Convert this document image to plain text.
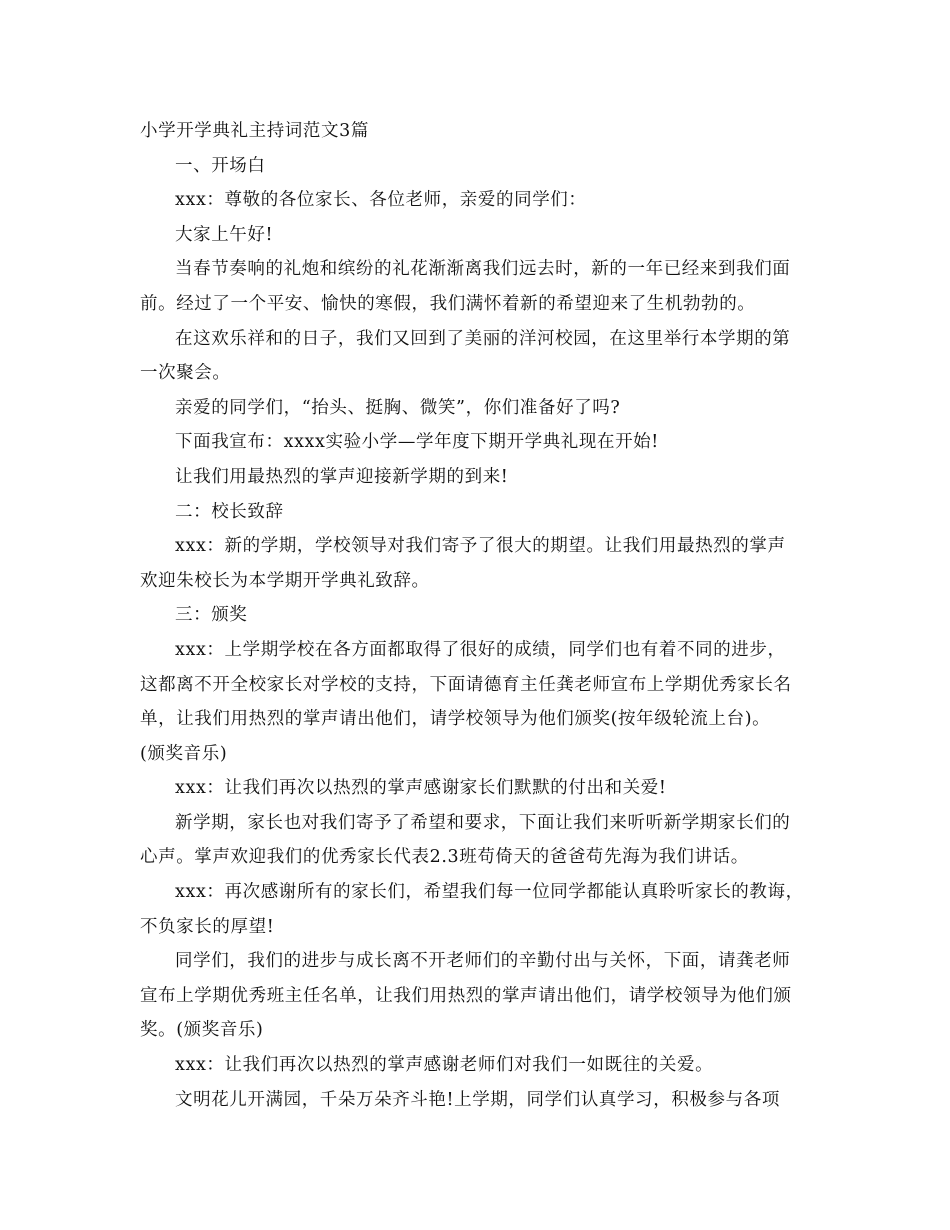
小学开学典礼主持词范文3篇
一、开场白
xxx：尊敬的各位家长、各位老师，亲爱的同学们：
大家上午好!
当春节奏响的礼炮和缤纷的礼花渐渐离我们远去时，新的一年已经来到我们面
前。经过了一个平安、愉快的寒假，我们满怀着新的希望迎来了生机勃勃的。
在这欢乐祥和的日子，我们又回到了美丽的洋河校园，在这里举行本学期的第
一次聚会。
亲爱的同学们，“抬头、挺胸、微笑”，你们准备好了吗?
下面我宣布：xxxx实验小学—学年度下期开学典礼现在开始!
让我们用最热烈的掌声迎接新学期的到来!
二：校长致辞
xxx：新的学期，学校领导对我们寄予了很大的期望。让我们用最热烈的掌声
欢迎朱校长为本学期开学典礼致辞。
三：颁奖
xxx：上学期学校在各方面都取得了很好的成绩，同学们也有着不同的进步，
这都离不开全校家长对学校的支持，下面请德育主任龚老师宣布上学期优秀家长名
单，让我们用热烈的掌声请出他们，请学校领导为他们颁奖(按年级轮流上台)。
(颁奖音乐)
xxx：让我们再次以热烈的掌声感谢家长们默默的付出和关爱!
新学期，家长也对我们寄予了希望和要求，下面让我们来听听新学期家长们的
心声。掌声欢迎我们的优秀家长代表2.3班苟倚天的爸爸苟先海为我们讲话。
xxx：再次感谢所有的家长们，希望我们每一位同学都能认真聆听家长的教诲，
不负家长的厚望!
同学们，我们的进步与成长离不开老师们的辛勤付出与关怀，下面，请龚老师
宣布上学期优秀班主任名单，让我们用热烈的掌声请出他们，请学校领导为他们颁
奖。(颁奖音乐)
xxx：让我们再次以热烈的掌声感谢老师们对我们一如既往的关爱。
文明花儿开满园，千朵万朵齐斗艳!上学期，同学们认真学习，积极参与各项
